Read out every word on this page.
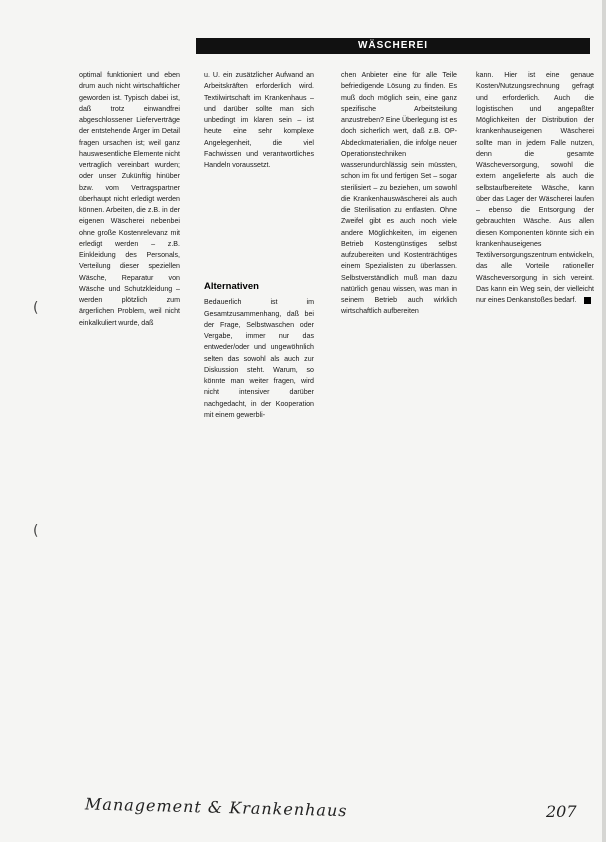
WÄSCHEREI

optimal funktioniert und eben drum auch nicht wirtschaftlicher geworden ist. Typisch dabei ist, daß trotz einwandfrei abgeschlossener Lieferverträge der entstehende Ärger im Detail fragen ursachen ist; weil ganz hauswesentliche Elemente nicht vertraglich vereinbart wurden; oder unser Zukünftig hinüber bzw. vom Vertragspartner überhaupt nicht erledigt werden können. Arbeiten, die z.B. in der eigenen Wäscherei nebenbei ohne große Kostenrelevanz mit erledigt werden – z.B. Einkleidung des Personals, Verteilung dieser speziellen Wäsche, Reparatur von Wäsche und Schutzkleidung – werden plötzlich zum ärgerlichen Problem, weil nicht einkalkuliert wurde, daß

u. U. ein zusätzlicher Aufwand an Arbeitskräften erforderlich wird. Textilwirtschaft im Krankenhaus – und darüber sollte man sich unbedingt im klaren sein – ist heute eine sehr komplexe Angelegenheit, die viel Fachwissen und verantwortliches Handeln voraussetzt.

Alternativen

Bedauerlich ist im Gesamtzusammenhang, daß bei der Frage, Selbstwaschen oder Vergabe, immer nur das entweder/oder und ungewöhnlich selten das sowohl als auch zur Diskussion steht. Warum, so könnte man weiter fragen, wird nicht intensiver darüber nachgedacht, in der Kooperation mit einem gewerbli-

chen Anbieter eine für alle Teile befriedigende Lösung zu finden. Es muß doch möglich sein, eine ganz spezifische Arbeitsteilung anzustreben? Eine Überlegung ist es doch sicherlich wert, daß z.B. OP-Abdeckmaterialien, die infolge neuer Operationstechniken wasserundurchlässig sein müssten, schon im fix und fertigen Set – sogar sterilisiert – zu beziehen, um sowohl die Krankenhauswäscherei als auch die Sterilisation zu entlasten. Ohne Zweifel gibt es auch noch viele andere Möglichkeiten, im eigenen Betrieb Kostengünstiges selbst aufzubereiten und Kostenträchtiges einem Spezialisten zu überlassen. Selbstverständlich muß man dazu natürlich genau wissen, was man in seinem Betrieb auch wirklich wirtschaftlich aufbereiten

kann. Hier ist eine genaue Kosten/Nutzungsrechnung gefragt und erforderlich. Auch die logistischen und angepaßter Möglichkeiten der Distribution der krankenhauseigenen Wäscherei sollte man in jedem Falle nutzen, denn die gesamte Wäscheversorgung, sowohl die extern angelieferte als auch die selbstaufbereitete Wäsche, kann über das Lager der Wäscherei laufen – ebenso die Entsorgung der gebrauchten Wäsche. Aus allen diesen Komponenten könnte sich ein krankenhauseigenes Textilversorgungszentrum entwickeln, das alle Vorteile rationeller Wäscheversorgung in sich vereint. Das kann ein Weg sein, der vielleicht nur eines Denkanstoßes bedarf.

(
(
Management & Krankenhaus	207
